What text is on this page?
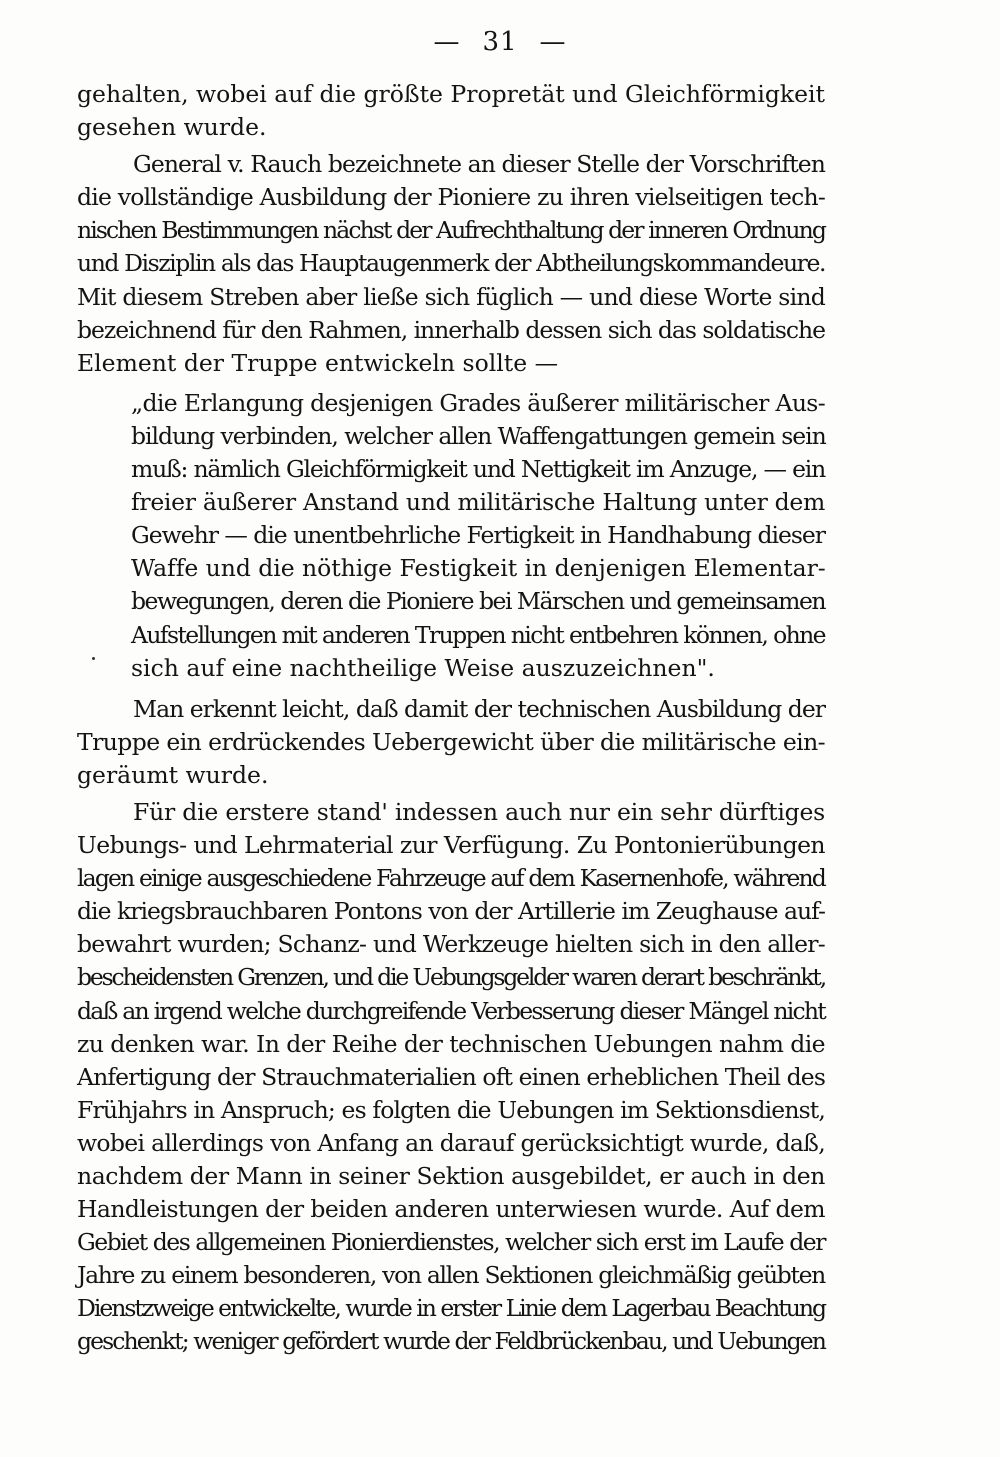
— 31 —
gehalten, wobei auf die größte Propretät und Gleichförmigkeit
gesehen wurde.
General v. Rauch bezeichnete an dieser Stelle der Vorschriften
die vollständige Ausbildung der Pioniere zu ihren vielseitigen tech-
nischen Bestimmungen nächst der Aufrechthaltung der inneren Ordnung
und Disziplin als das Hauptaugenmerk der Abtheilungskommandeure.
Mit diesem Streben aber ließe sich füglich — und diese Worte sind
bezeichnend für den Rahmen, innerhalb dessen sich das soldatische
Element der Truppe entwickeln sollte —
„die Erlangung desjenigen Grades äußerer militärischer Aus-
bildung verbinden, welcher allen Waffengattungen gemein sein
muß: nämlich Gleichförmigkeit und Nettigkeit im Anzuge, — ein
freier äußerer Anstand und militärische Haltung unter dem
Gewehr — die unentbehrliche Fertigkeit in Handhabung dieser
Waffe und die nöthige Festigkeit in denjenigen Elementar-
bewegungen, deren die Pioniere bei Märschen und gemeinsamen
Aufstellungen mit anderen Truppen nicht entbehren können, ohne
sich auf eine nachtheilige Weise auszuzeichnen".
Man erkennt leicht, daß damit der technischen Ausbildung der
Truppe ein erdrückendes Uebergewicht über die militärische ein-
geräumt wurde.
Für die erstere stand' indessen auch nur ein sehr dürftiges
Uebungs- und Lehrmaterial zur Verfügung. Zu Pontonierübungen
lagen einige ausgeschiedene Fahrzeuge auf dem Kasernenhofe, während
die kriegsbrauchbaren Pontons von der Artillerie im Zeughause auf-
bewahrt wurden; Schanz- und Werkzeuge hielten sich in den aller-
bescheidensten Grenzen, und die Uebungsgelder waren derart beschränkt,
daß an irgend welche durchgreifende Verbesserung dieser Mängel nicht
zu denken war. In der Reihe der technischen Uebungen nahm die
Anfertigung der Strauchmaterialien oft einen erheblichen Theil des
Frühjahrs in Anspruch; es folgten die Uebungen im Sektionsdienst,
wobei allerdings von Anfang an darauf gerücksichtigt wurde, daß,
nachdem der Mann in seiner Sektion ausgebildet, er auch in den
Handleistungen der beiden anderen unterwiesen wurde. Auf dem
Gebiet des allgemeinen Pionierdienstes, welcher sich erst im Laufe der
Jahre zu einem besonderen, von allen Sektionen gleichmäßig geübten
Dienstzweige entwickelte, wurde in erster Linie dem Lagerbau Beachtung
geschenkt; weniger gefördert wurde der Feldbrückenbau, und Uebungen
